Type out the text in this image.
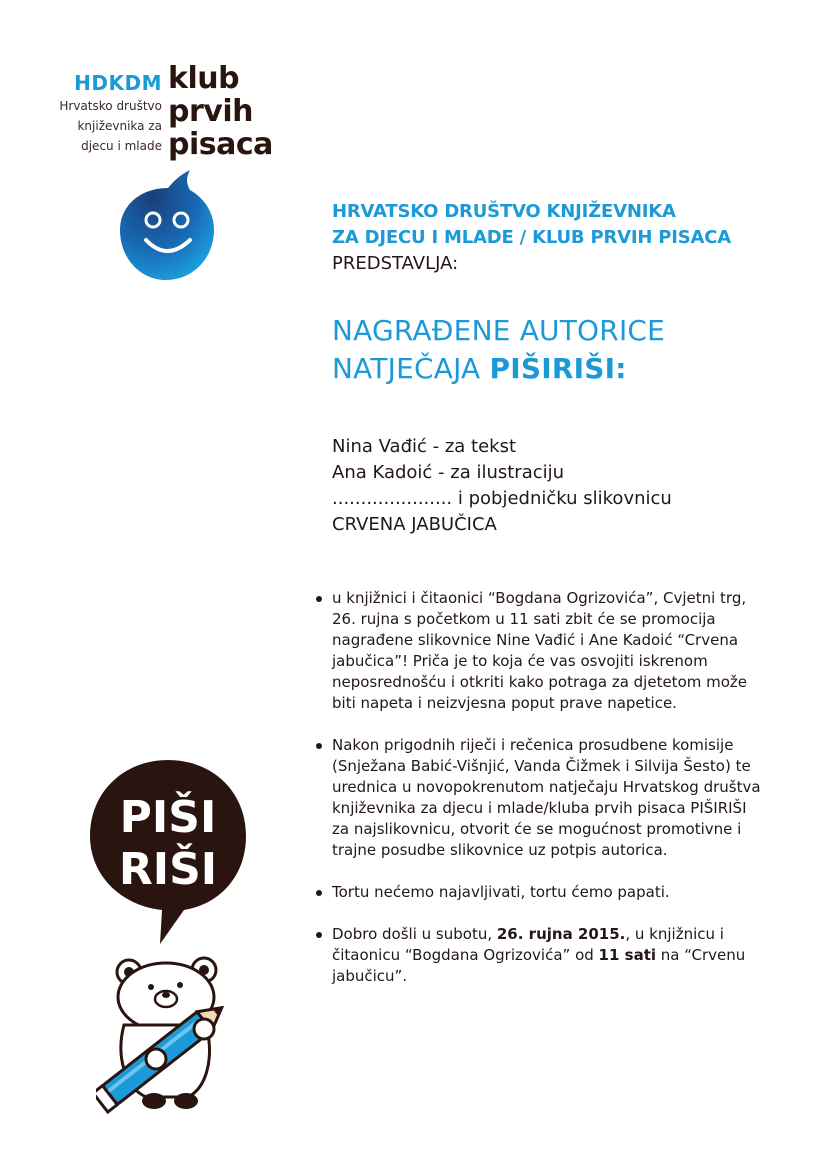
HDKDM
Hrvatsko društvo
književnika za
djecu i mlade
klub
prvih
pisaca
HRVATSKO DRUŠTVO KNJIŽEVNIKA
ZA DJECU I MLADE / KLUB PRVIH PISACA
PREDSTAVLJA:
NAGRAĐENE AUTORICE
NATJEČAJA PIŠIRIŠI:
Nina Vađić - za tekst
Ana Kadoić - za ilustraciju
..................... i pobjedničku slikovnicu
CRVENA JABUČICA
PIŠI
RIŠI
u knjižnici i čitaonici “Bogdana Ogrizovića”, Cvjetni trg, 26. rujna s početkom u 11 sati zbit će se promocija nagrađene slikovnice Nine Vađić i Ane Kadoić “Crvena jabučica”! Priča je to koja će vas osvojiti iskrenom neposrednošću i otkriti kako potraga za djetetom može biti napeta i neizvjesna poput prave napetice.
Nakon prigodnih riječi i rečenica prosudbene komisije (Snježana Babić-Višnjić, Vanda Čižmek i Silvija Šesto) te urednica u novopokrenutom natječaju Hrvatskog društva književnika za djecu i mlade/kluba prvih pisaca PIŠIRIŠI za najslikovnicu, otvorit će se mogućnost promotivne i trajne posudbe slikovnice uz potpis autorica.
Tortu nećemo najavljivati, tortu ćemo papati.
Dobro došli u subotu, 26. rujna 2015., u knjižnicu i čitaonicu “Bogdana Ogrizovića” od 11 sati na “Crvenu jabučicu”.
